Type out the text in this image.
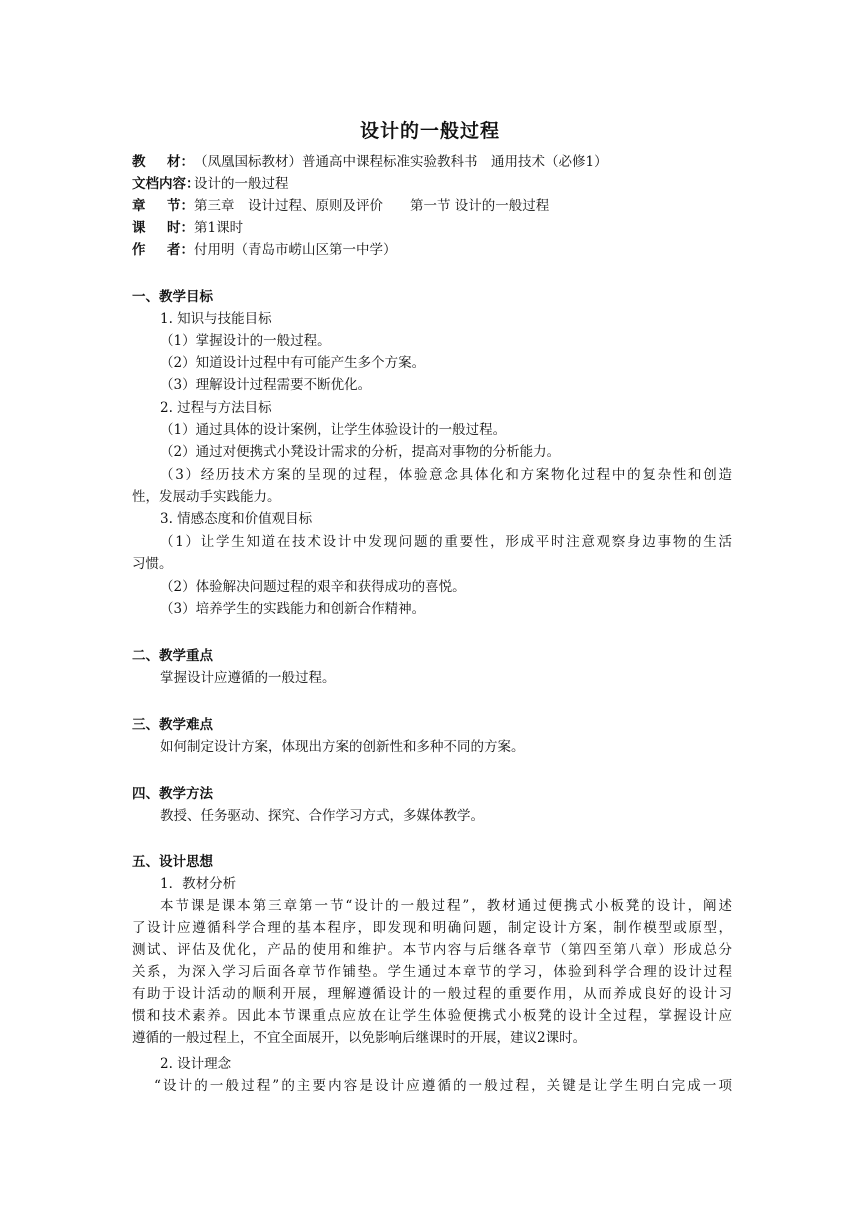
设计的一般过程
教 材： （凤凰国标教材）普通高中课程标准实验教科书　通用技术（必修1）
文档内容：设计的一般过程
章 节： 第三章　设计过程、原则及评价　　第一节 设计的一般过程
课 时： 第1课时
作 者： 付用明（青岛市崂山区第一中学）
一、教学目标
1. 知识与技能目标
（1）掌握设计的一般过程。
（2）知道设计过程中有可能产生多个方案。
（3）理解设计过程需要不断优化。
2. 过程与方法目标
（1）通过具体的设计案例，让学生体验设计的一般过程。
（2）通过对便携式小凳设计需求的分析，提高对事物的分析能力。
（3）经历技术方案的呈现的过程，体验意念具体化和方案物化过程中的复杂性和创造
性，发展动手实践能力。
3. 情感态度和价值观目标
（1）让学生知道在技术设计中发现问题的重要性，形成平时注意观察身边事物的生活
习惯。
（2）体验解决问题过程的艰辛和获得成功的喜悦。
（3）培养学生的实践能力和创新合作精神。
二、教学重点
掌握设计应遵循的一般过程。
三、教学难点
如何制定设计方案，体现出方案的创新性和多种不同的方案。
四、教学方法
教授、任务驱动、探究、合作学习方式，多媒体教学。
五、设计思想
1．教材分析
本节课是课本第三章第一节“设计的一般过程”，教材通过便携式小板凳的设计，阐述
了设计应遵循科学合理的基本程序，即发现和明确问题，制定设计方案，制作模型或原型，
测试、评估及优化，产品的使用和维护。本节内容与后继各章节（第四至第八章）形成总分
关系，为深入学习后面各章节作铺垫。学生通过本章节的学习，体验到科学合理的设计过程
有助于设计活动的顺利开展，理解遵循设计的一般过程的重要作用，从而养成良好的设计习
惯和技术素养。因此本节课重点应放在让学生体验便携式小板凳的设计全过程，掌握设计应
遵循的一般过程上，不宜全面展开，以免影响后继课时的开展，建议2课时。
2. 设计理念
“设计的一般过程”的主要内容是设计应遵循的一般过程，关键是让学生明白完成一项
